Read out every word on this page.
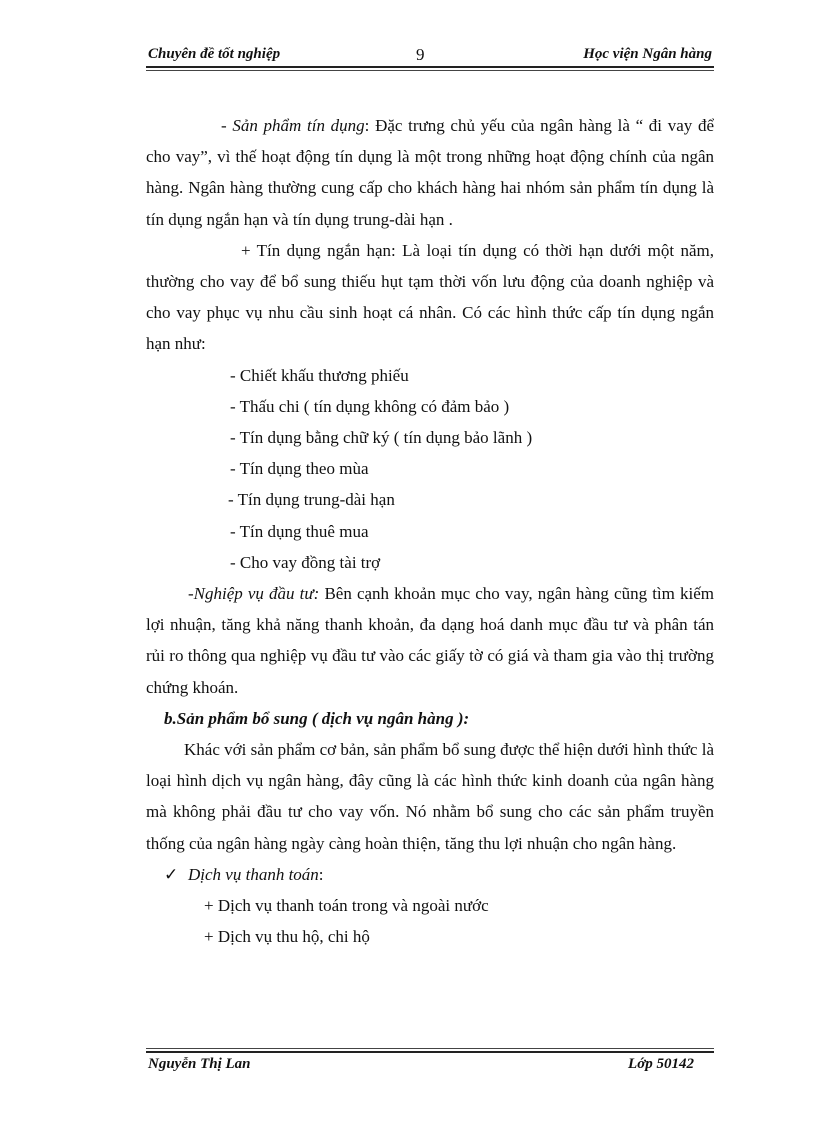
Chuyên đề tốt nghiệp	9	Học viện Ngân hàng

- Sản phẩm tín dụng: Đặc trưng chủ yếu của ngân hàng là “ đi vay để cho vay”, vì thế hoạt động tín dụng là một trong những hoạt động chính của ngân hàng. Ngân hàng thường cung cấp cho khách hàng hai nhóm sản phẩm tín dụng là tín dụng ngắn hạn và tín dụng trung-dài hạn .

+ Tín dụng ngắn hạn: Là loại tín dụng có thời hạn dưới một năm, thường cho vay để bổ sung thiếu hụt tạm thời vốn lưu động của doanh nghiệp và cho vay phục vụ nhu cầu sinh hoạt cá nhân. Có các hình thức cấp tín dụng ngắn hạn như:

- Chiết khấu thương phiếu

- Thấu chi ( tín dụng không có đảm bảo )

- Tín dụng bằng chữ ký ( tín dụng bảo lãnh )

- Tín dụng theo mùa

- Tín dụng trung-dài hạn

- Tín dụng thuê mua

- Cho vay đồng tài trợ

-Nghiệp vụ đầu tư: Bên cạnh khoản mục cho vay, ngân hàng cũng tìm kiếm lợi nhuận, tăng khả năng thanh khoản, đa dạng hoá danh mục đầu tư và phân tán rủi ro thông qua nghiệp vụ đầu tư vào các giấy tờ có giá và tham gia vào thị trường chứng khoán.

b.Sản phẩm bổ sung ( dịch vụ ngân hàng ):

Khác với sản phẩm cơ bản, sản phẩm bổ sung được thể hiện dưới hình thức là loại hình dịch vụ ngân hàng, đây cũng là các hình thức kinh doanh của ngân hàng mà không phải đầu tư cho vay vốn. Nó nhằm bổ sung cho các sản phẩm truyền thống của ngân hàng ngày càng hoàn thiện, tăng thu lợi nhuận cho ngân hàng.

✓ Dịch vụ thanh toán:

+ Dịch vụ thanh toán trong và ngoài nước

+ Dịch vụ thu hộ, chi hộ

Nguyễn Thị Lan	Lớp 50142
